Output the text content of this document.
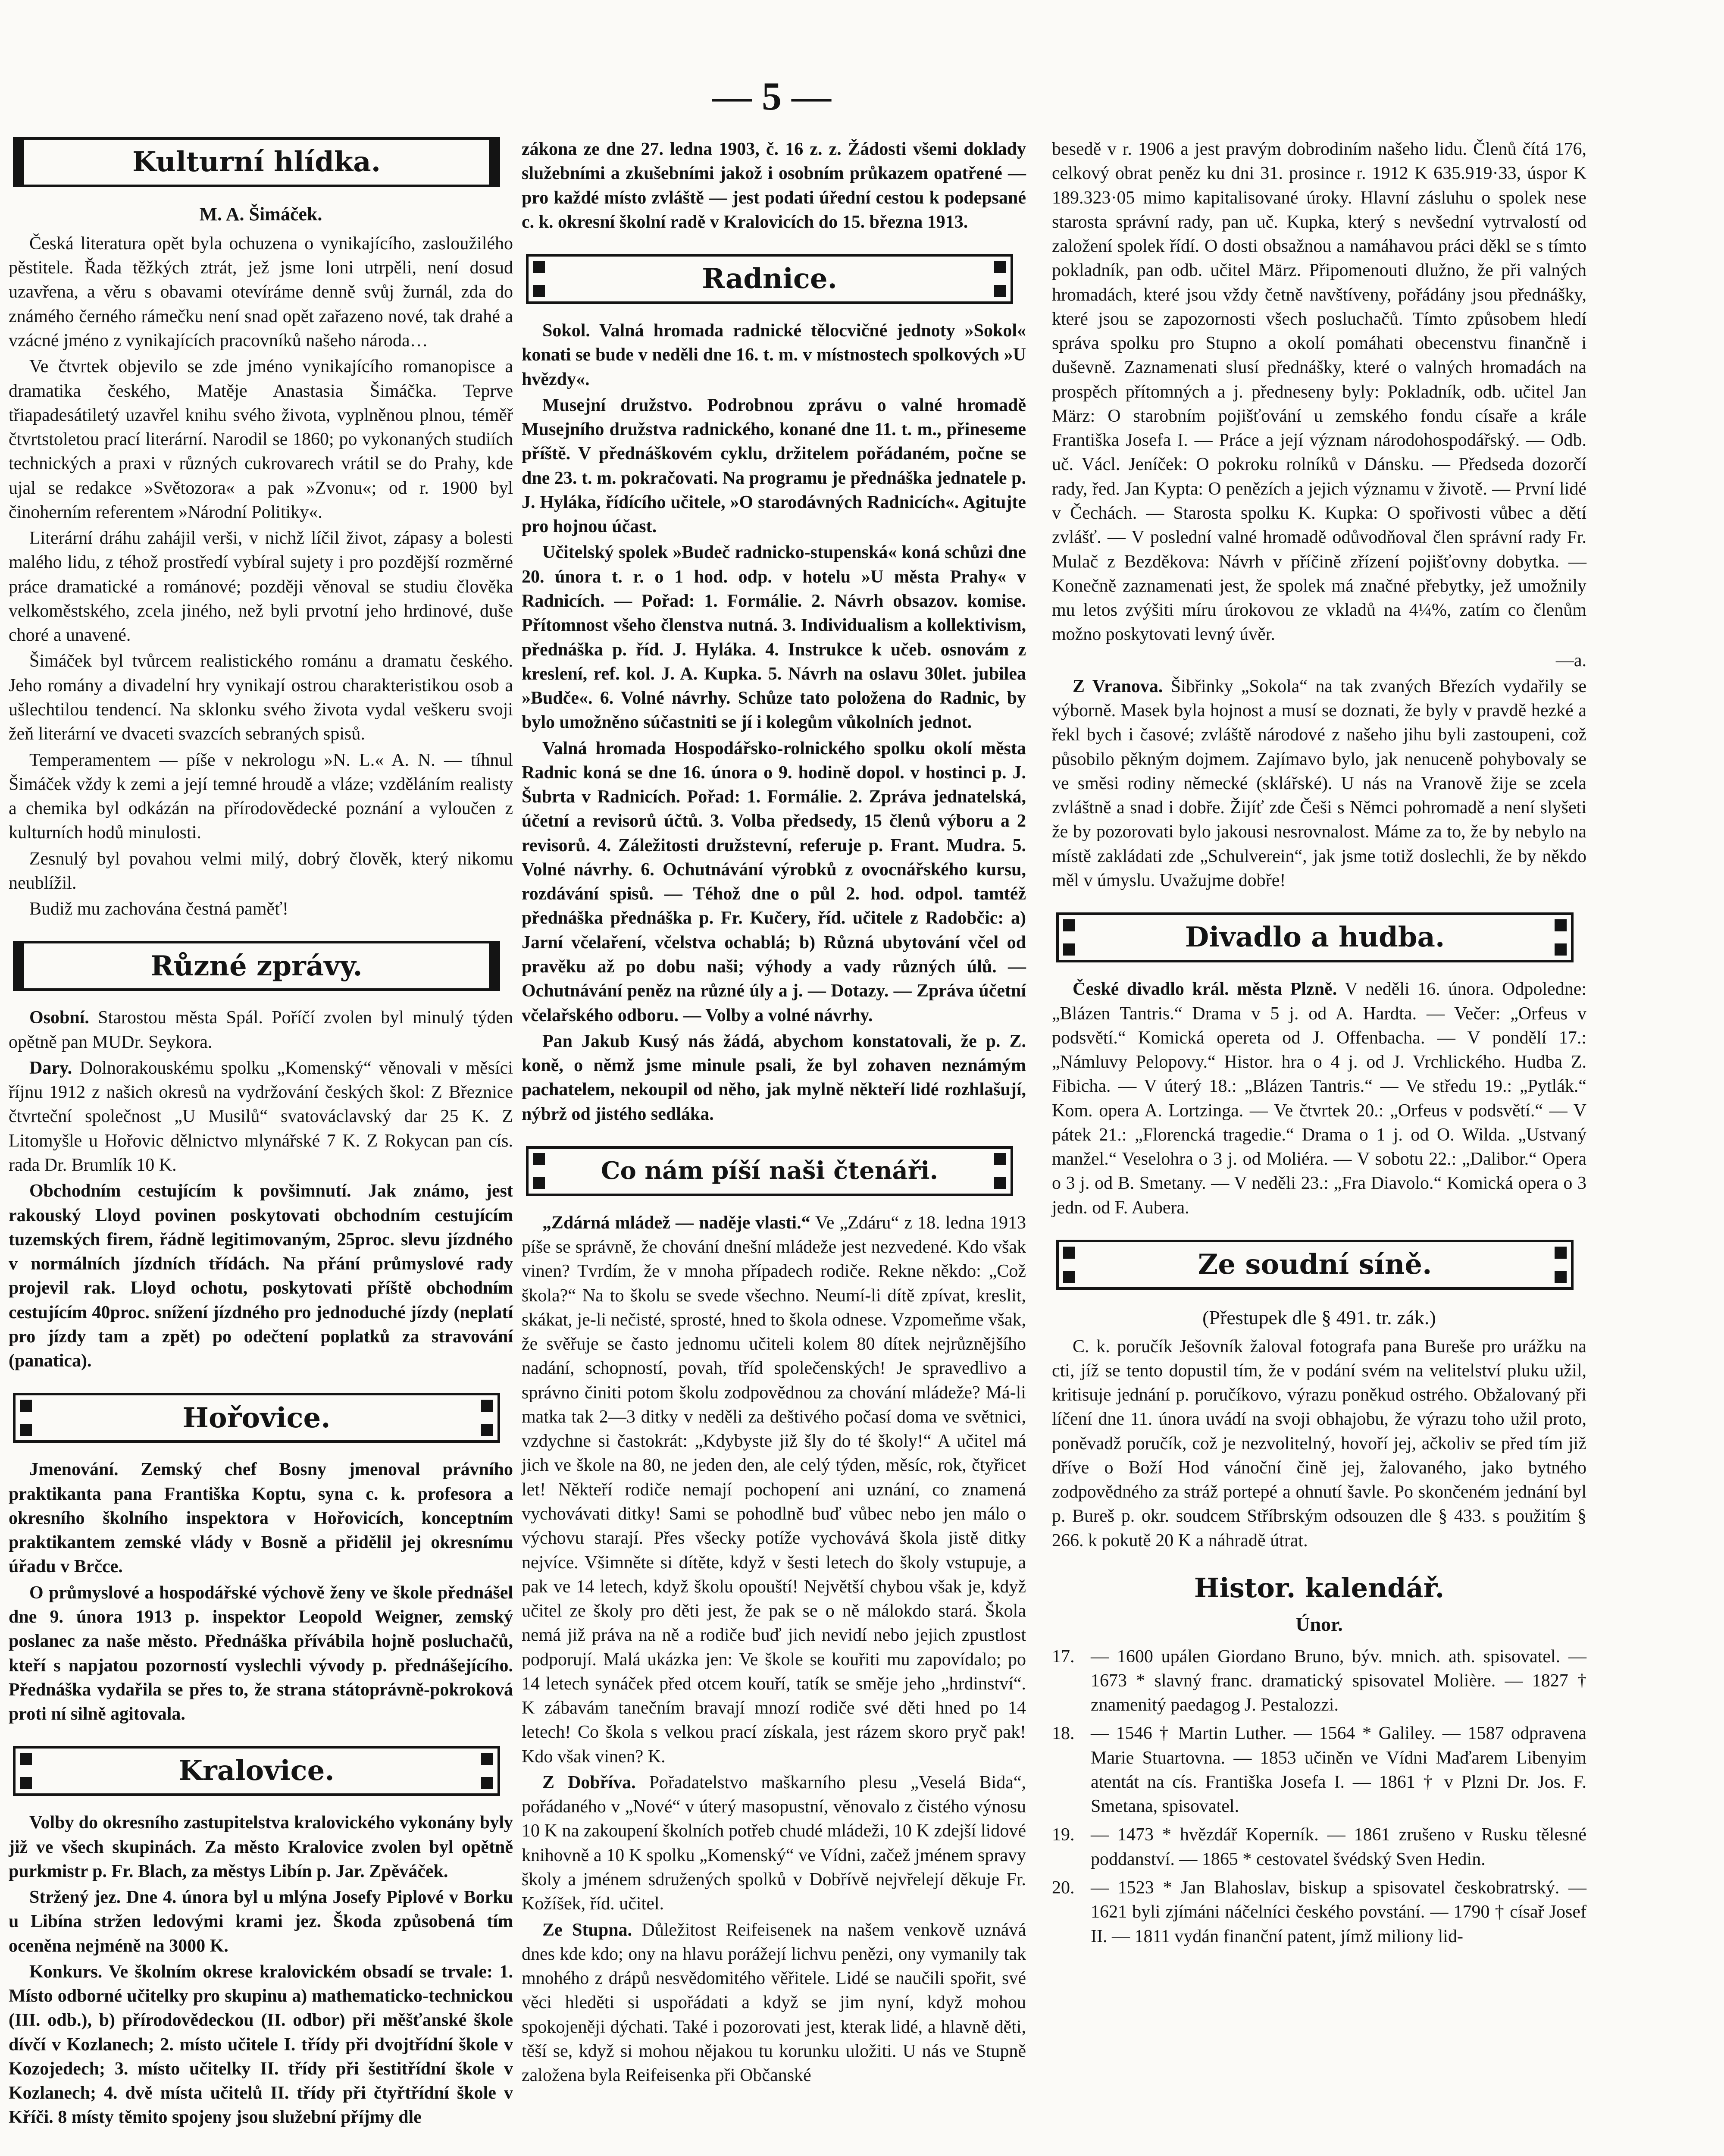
— 5 —
Kulturní hlídka.
M. A. Šimáček.

Česká literatura opět byla ochuzena o vynikajícího, zasloužilého pěstitele. Řada těžkých ztrát, jež jsme loni utrpěli, není dosud uzavřena, a věru s obavami otevíráme denně svůj žurnál, zda do známého černého rámečku není snad opět zařazeno nové, tak drahé a vzácné jméno z vynikajících pracovníků našeho národa…

Ve čtvrtek objevilo se zde jméno vynikajícího romanopisce a dramatika českého, Matěje Anastasia Šimáčka. Teprve třiapadesátiletý uzavřel knihu svého života, vyplněnou plnou, téměř čtvrtstoletou prací literární. Narodil se 1860; po vykonaných studiích technických a praxi v různých cukrovarech vrátil se do Prahy, kde ujal se redakce »Světozora« a pak »Zvonu«; od r. 1900 byl činoherním referentem »Národní Politiky«.

Literární dráhu zahájil verši, v nichž líčil život, zápasy a bolesti malého lidu, z téhož prostředí vybíral sujety i pro pozdější rozměrné práce dramatické a románové; později věnoval se studiu člověka velkoměstského, zcela jiného, než byli prvotní jeho hrdinové, duše choré a unavené.

Šimáček byl tvůrcem realistického románu a dramatu českého. Jeho romány a divadelní hry vynikají ostrou charakteristikou osob a ušlechtilou tendencí. Na sklonku svého života vydal veškeru svoji žeň literární ve dvaceti svazcích sebraných spisů.

Temperamentem — píše v nekrologu »N. L.« A. N. — tíhnul Šimáček vždy k zemi a její temné hroudě a vláze; vzděláním realisty a chemika byl odkázán na přírodovědecké poznání a vyloučen z kulturních hodů minulosti.

Zesnulý byl povahou velmi milý, dobrý člověk, který nikomu neublížil.

Budiž mu zachována čestná paměť!

Různé zprávy.

Osobní. Starostou města Spál. Poříčí zvolen byl minulý týden opětně pan MUDr. Seykora.

Dary. Dolnorakouskému spolku „Komenský“ věnovali v měsíci říjnu 1912 z našich okresů na vydržování českých škol: Z Březnice čtvrteční společnost „U Musilů“ svatováclavský dar 25 K. Z Litomyšle u Hořovic dělnictvo mlynářské 7 K. Z Rokycan pan cís. rada Dr. Brumlík 10 K.

Obchodním cestujícím k povšimnutí. Jak známo, jest rakouský Lloyd povinen poskytovati obchodním cestujícím tuzemských firem, řádně legitimovaným, 25proc. slevu jízdného v normálních jízdních třídách. Na přání průmyslové rady projevil rak. Lloyd ochotu, poskytovati příště obchodním cestujícím 40proc. snížení jízdného pro jednoduché jízdy (neplatí pro jízdy tam a zpět) po odečtení poplatků za stravování (panatica).

Hořovice.

Jmenování. Zemský chef Bosny jmenoval právního praktikanta pana Františka Koptu, syna c. k. profesora a okresního školního inspektora v Hořovicích, konceptním praktikantem zemské vlády v Bosně a přidělil jej okresnímu úřadu v Brčce.

O průmyslové a hospodářské výchově ženy ve škole přednášel dne 9. února 1913 p. inspektor Leopold Weigner, zemský poslanec za naše město. Přednáška přívábila hojně posluchačů, kteří s napjatou pozorností vyslechli vývody p. přednášejícího. Přednáška vydařila se přes to, že strana státoprávně-pokroková proti ní silně agitovala.

Kralovice.

Volby do okresního zastupitelstva kralovického vykonány byly již ve všech skupinách. Za město Kralovice zvolen byl opětně purkmistr p. Fr. Blach, za městys Libín p. Jar. Zpěváček.

Stržený jez. Dne 4. února byl u mlýna Josefy Piplové v Borku u Libína stržen ledovými krami jez. Škoda způsobená tím oceněna nejméně na 3000 K.

Konkurs. Ve školním okrese kralovickém obsadí se trvale: 1. Místo odborné učitelky pro skupinu a) mathematicko-technickou (III. odb.), b) přírodovědeckou (II. odbor) při měšťanské škole dívčí v Kozlanech; 2. místo učitele I. třídy při dvojtřídní škole v Kozojedech; 3. místo učitelky II. třídy při šestitřídní škole v Kozlanech; 4. dvě místa učitelů II. třídy při čtyřtřídní škole v Kříči. 8 místy těmito spojeny jsou služební příjmy dle

zákona ze dne 27. ledna 1903, č. 16 z. z. Žádosti všemi doklady služebními a zkušebními jakož i osobním průkazem opatřené — pro každé místo zvláště — jest podati úřední cestou k podepsané c. k. okresní školní radě v Kralovicích do 15. března 1913.

Radnice.

Sokol. Valná hromada radnické tělocvičné jednoty »Sokol« konati se bude v neděli dne 16. t. m. v místnostech spolkových »U hvězdy«.

Musejní družstvo. Podrobnou zprávu o valné hromadě Musejního družstva radnického, konané dne 11. t. m., přineseme příště. V přednáškovém cyklu, držitelem pořádaném, počne se dne 23. t. m. pokračovati. Na programu je přednáška jednatele p. J. Hyláka, řídícího učitele, »O starodávných Radnicích«. Agitujte pro hojnou účast.

Učitelský spolek »Budeč radnicko-stupenská« koná schůzi dne 20. února t. r. o 1 hod. odp. v hotelu »U města Prahy« v Radnicích. — Pořad: 1. Formálie. 2. Návrh obsazov. komise. Přítomnost všeho členstva nutná. 3. Individualism a kollektivism, přednáška p. říd. J. Hyláka. 4. Instrukce k učeb. osnovám z kreslení, ref. kol. J. A. Kupka. 5. Návrh na oslavu 30let. jubilea »Budče«. 6. Volné návrhy. Schůze tato položena do Radnic, by bylo umožněno súčastniti se jí i kolegům vůkolních jednot.

Valná hromada Hospodářsko-rolnického spolku okolí města Radnic koná se dne 16. února o 9. hodině dopol. v hostinci p. J. Šubrta v Radnicích. Pořad: 1. Formálie. 2. Zpráva jednatelská, účetní a revisorů účtů. 3. Volba předsedy, 15 členů výboru a 2 revisorů. 4. Záležitosti družstevní, referuje p. Frant. Mudra. 5. Volné návrhy. 6. Ochutnávání výrobků z ovocnářského kursu, rozdávání spisů. — Téhož dne o půl 2. hod. odpol. tamtéž přednáška přednáška p. Fr. Kučery, říd. učitele z Radobčic: a) Jarní včelaření, včelstva ochablá; b) Různá ubytování včel od pravěku až po dobu naši; výhody a vady různých úlů. — Ochutnávání peněz na různé úly a j. — Dotazy. — Zpráva účetní včelařského odboru. — Volby a volné návrhy.

Pan Jakub Kusý nás žádá, abychom konstatovali, že p. Z. koně, o němž jsme minule psali, že byl zohaven neznámým pachatelem, nekoupil od něho, jak mylně někteří lidé rozhlašují, nýbrž od jistého sedláka.

Co nám píší naši čtenáři.

„Zdárná mládež — naděje vlasti.“ Ve „Zdáru“ z 18. ledna 1913 píše se správně, že chování dnešní mládeže jest nezvedené. Kdo však vinen? Tvrdím, že v mnoha případech rodiče. Rekne někdo: „Což škola?“ Na to školu se svede všechno. Neumí-li dítě zpívat, kreslit, skákat, je-li nečisté, sprosté, hned to škola odnese. Vzpomeňme však, že svěřuje se často jednomu učiteli kolem 80 dítek nejrůznějšího nadání, schopností, povah, tříd společenských! Je spravedlivo a správno činiti potom školu zodpovědnou za chování mládeže? Má-li matka tak 2—3 ditky v neděli za deštivého počasí doma ve světnici, vzdychne si častokrát: „Kdybyste již šly do té školy!“ A učitel má jich ve škole na 80, ne jeden den, ale celý týden, měsíc, rok, čtyřicet let! Někteří rodiče nemají pochopení ani uznání, co znamená vychovávati ditky! Sami se pohodlně buď vůbec nebo jen málo o výchovu starají. Přes všecky potíže vychovává škola jistě ditky nejvíce. Všimněte si dítěte, když v šesti letech do školy vstupuje, a pak ve 14 letech, když školu opouští! Největší chybou však je, když učitel ze školy pro děti jest, že pak se o ně málokdo stará. Škola nemá již práva na ně a rodiče buď jich nevidí nebo jejich zpustlost podporují. Malá ukázka jen: Ve škole se kouřiti mu zapovídalo; po 14 letech synáček před otcem kouří, tatík se směje jeho „hrdinství“. K zábavám tanečním bravají mnozí rodiče své děti hned po 14 letech! Co škola s velkou prací získala, jest rázem skoro pryč pak! Kdo však vinen? K.

Z Dobříva. Pořadatelstvo maškarního plesu „Veselá Bida“, pořádaného v „Nové“ v úterý masopustní, věnovalo z čistého výnosu 10 K na zakoupení školních potřeb chudé mládeži, 10 K zdejší lidové knihovně a 10 K spolku „Komenský“ ve Vídni, začež jménem spravy školy a jménem sdružených spolků v Dobřívě nejvřelejí děkuje Fr. Kožíšek, říd. učitel.

Ze Stupna. Důležitost Reifeisenek na našem venkově uznává dnes kde kdo; ony na hlavu porážejí lichvu penězi, ony vymanily tak mnohého z drápů nesvědomitého věřitele. Lidé se naučili spořit, své věci hleděti si uspořádati a když se jim nyní, když mohou spokojeněji dýchati. Také i pozorovati jest, kterak lidé, a hlavně děti, těší se, když si mohou nějakou tu korunku uložiti. U nás ve Stupně založena byla Reifeisenka při Občanské

besedě v r. 1906 a jest pravým dobrodiním našeho lidu. Členů čítá 176, celkový obrat peněz ku dni 31. prosince r. 1912 K 635.919·33, úspor K 189.323·05 mimo kapitalisované úroky. Hlavní zásluhu o spolek nese starosta správní rady, pan uč. Kupka, který s nevšední vytrvalostí od založení spolek řídí. O dosti obsažnou a namáhavou práci děkl se s tímto pokladník, pan odb. učitel März. Připomenouti dlužno, že při valných hromadách, které jsou vždy četně navštíveny, pořádány jsou přednášky, které jsou se zapozornosti všech posluchačů. Tímto způsobem hledí správa spolku pro Stupno a okolí pomáhati obecenstvu finančně i duševně. Zaznamenati slusí přednášky, které o valných hromadách na prospěch přítomných a j. předneseny byly: Pokladník, odb. učitel Jan März: O starobním pojišťování u zemského fondu císaře a krále Františka Josefa I. — Práce a její význam národohospodářský. — Odb. uč. Václ. Jeníček: O pokroku rolníků v Dánsku. — Předseda dozorčí rady, řed. Jan Kypta: O penězích a jejich významu v životě. — První lidé v Čechách. — Starosta spolku K. Kupka: O spořivosti vůbec a dětí zvlášť. — V poslední valné hromadě odůvodňoval člen správní rady Fr. Mulač z Bezděkova: Návrh v příčině zřízení pojišťovny dobytka. — Konečně zaznamenati jest, že spolek má značné přebytky, jež umožnily mu letos zvýšiti míru úrokovou ze vkladů na 4¼%, zatím co členům možno poskytovati levný úvěr.

—a.

Z Vranova. Šibřinky „Sokola“ na tak zvaných Březích vydařily se výborně. Masek byla hojnost a musí se doznati, že byly v pravdě hezké a řekl bych i časové; zvláště národové z našeho jihu byli zastoupeni, což působilo pěkným dojmem. Zajímavo bylo, jak nenuceně pohybovaly se ve směsi rodiny německé (sklářské). U nás na Vranově žije se zcela zvláštně a snad i dobře. Žijíť zde Češi s Němci pohromadě a není slyšeti že by pozorovati bylo jakousi nesrovnalost. Máme za to, že by nebylo na místě zakládati zde „Schulverein“, jak jsme totiž doslechli, že by někdo měl v úmyslu. Uvažujme dobře!

Divadlo a hudba.

České divadlo král. města Plzně. V neděli 16. února. Odpoledne: „Blázen Tantris.“ Drama v 5 j. od A. Hardta. — Večer: „Orfeus v podsvětí.“ Komická opereta od J. Offenbacha. — V pondělí 17.: „Námluvy Pelopovy.“ Histor. hra o 4 j. od J. Vrchlického. Hudba Z. Fibicha. — V úterý 18.: „Blázen Tantris.“ — Ve středu 19.: „Pytlák.“ Kom. opera A. Lortzinga. — Ve čtvrtek 20.: „Orfeus v podsvětí.“ — V pátek 21.: „Florencká tragedie.“ Drama o 1 j. od O. Wilda. „Ustvaný manžel.“ Veselohra o 3 j. od Moliéra. — V sobotu 22.: „Dalibor.“ Opera o 3 j. od B. Smetany. — V neděli 23.: „Fra Diavolo.“ Komická opera o 3 jedn. od F. Aubera.

Ze soudní síně.
(Přestupek dle § 491. tr. zák.)

C. k. poručík Ješovník žaloval fotografa pana Bureše pro urážku na cti, jíž se tento dopustil tím, že v podání svém na velitelství pluku užil, kritisuje jednání p. poručíkovo, výrazu poněkud ostrého. Obžalovaný při líčení dne 11. února uvádí na svoji obhajobu, že výrazu toho užil proto, poněvadž poručík, což je nezvolitelný, hovoří jej, ačkoliv se před tím již dříve o Boží Hod vánoční čině jej, žalovaného, jako bytného zodpovědného za stráž portepé a ohnutí šavle. Po skončeném jednání byl p. Bureš p. okr. soudcem Stříbrským odsouzen dle § 433. s použitím § 266. k pokutě 20 K a náhradě útrat.

Histor. kalendář.
Únor.
17. — 1600 upálen Giordano Bruno, býv. mnich. ath. spisovatel. — 1673 * slavný franc. dramatický spisovatel Molière. — 1827 † znamenitý paedagog J. Pestalozzi.
18. — 1546 † Martin Luther. — 1564 * Galiley. — 1587 odpravena Marie Stuartovna. — 1853 učiněn ve Vídni Maďarem Libenyim atentát na cís. Františka Josefa I. — 1861 † v Plzni Dr. Jos. F. Smetana, spisovatel.
19. — 1473 * hvězdář Koperník. — 1861 zrušeno v Rusku tělesné poddanství. — 1865 * cestovatel švédský Sven Hedin.
20. — 1523 * Jan Blahoslav, biskup a spisovatel českobratrský. — 1621 byli zjímáni náčelníci českého povstání. — 1790 † císař Josef II. — 1811 vydán finanční patent, jímž miliony lid-
